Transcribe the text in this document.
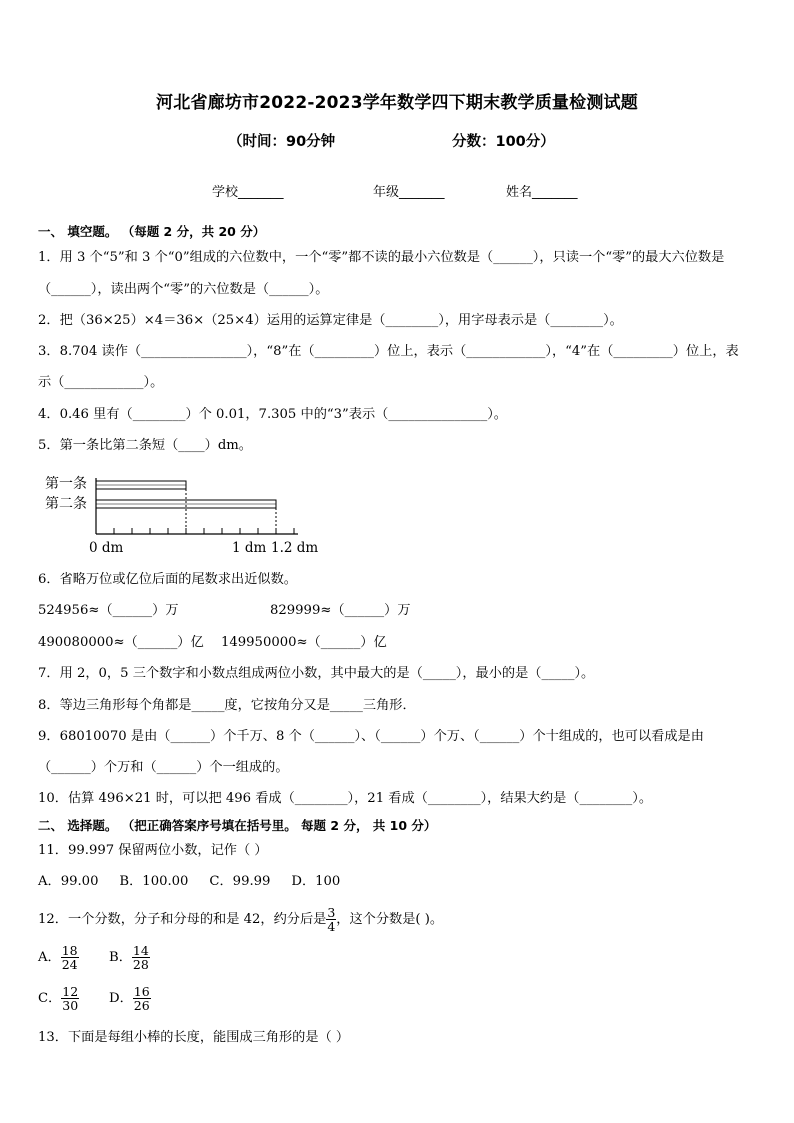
河北省廊坊市2022-2023学年数学四下期末教学质量检测试题
（时间：90分钟	分数：100分）
学校_______	年级_______	姓名_______
一、 填空题。 （每题 2 分，共 20 分）
1．用 3 个“5”和 3 个“0”组成的六位数中，一个“零”都不读的最小六位数是（______），只读一个“零”的最大六位数是
（______），读出两个“零”的六位数是（______）。
2．把（36×25）×4＝36×（25×4）运用的运算定律是（________），用字母表示是（________）。
3．8.704 读作（________________），“8”在（_________）位上，表示（____________），“4”在（_________）位上，表
示（____________）。
4．0.46 里有（________）个 0.01，7.305 中的“3”表示（_______________）。
5．第一条比第二条短（____）dm。
第一条
第二条
0 dm	1 dm 1.2 dm
6．省略万位或亿位后面的尾数求出近似数。
524956≈（______）万	829999≈（______）万
490080000≈（______）亿 149950000≈（______）亿
7．用 2，0，5 三个数字和小数点组成两位小数，其中最大的是（_____），最小的是（_____）。
8．等边三角形每个角都是_____度，它按角分又是_____三角形．
9．68010070 是由（______）个千万、8 个（______）、（______）个万、（______）个十组成的，也可以看成是由
（______）个万和（______）个一组成的。
10．估算 496×21 时，可以把 496 看成（________），21 看成（________），结果大约是（________）。
二、 选择题。 （把正确答案序号填在括号里。 每题 2 分， 共 10 分）
11．99.997 保留两位小数，记作（ ）
A．99.00     B．100.00     C．99.99     D．100
12．一个分数，分子和分母的和是 42，约分后是 $\frac{3}{4}$ ，这个分数是( )。
A． $\frac{18}{24}$ B． $\frac{14}{28}$
C． $\frac{12}{30}$ D． $\frac{16}{26}$
13．下面是每组小棒的长度，能围成三角形的是（ ）
